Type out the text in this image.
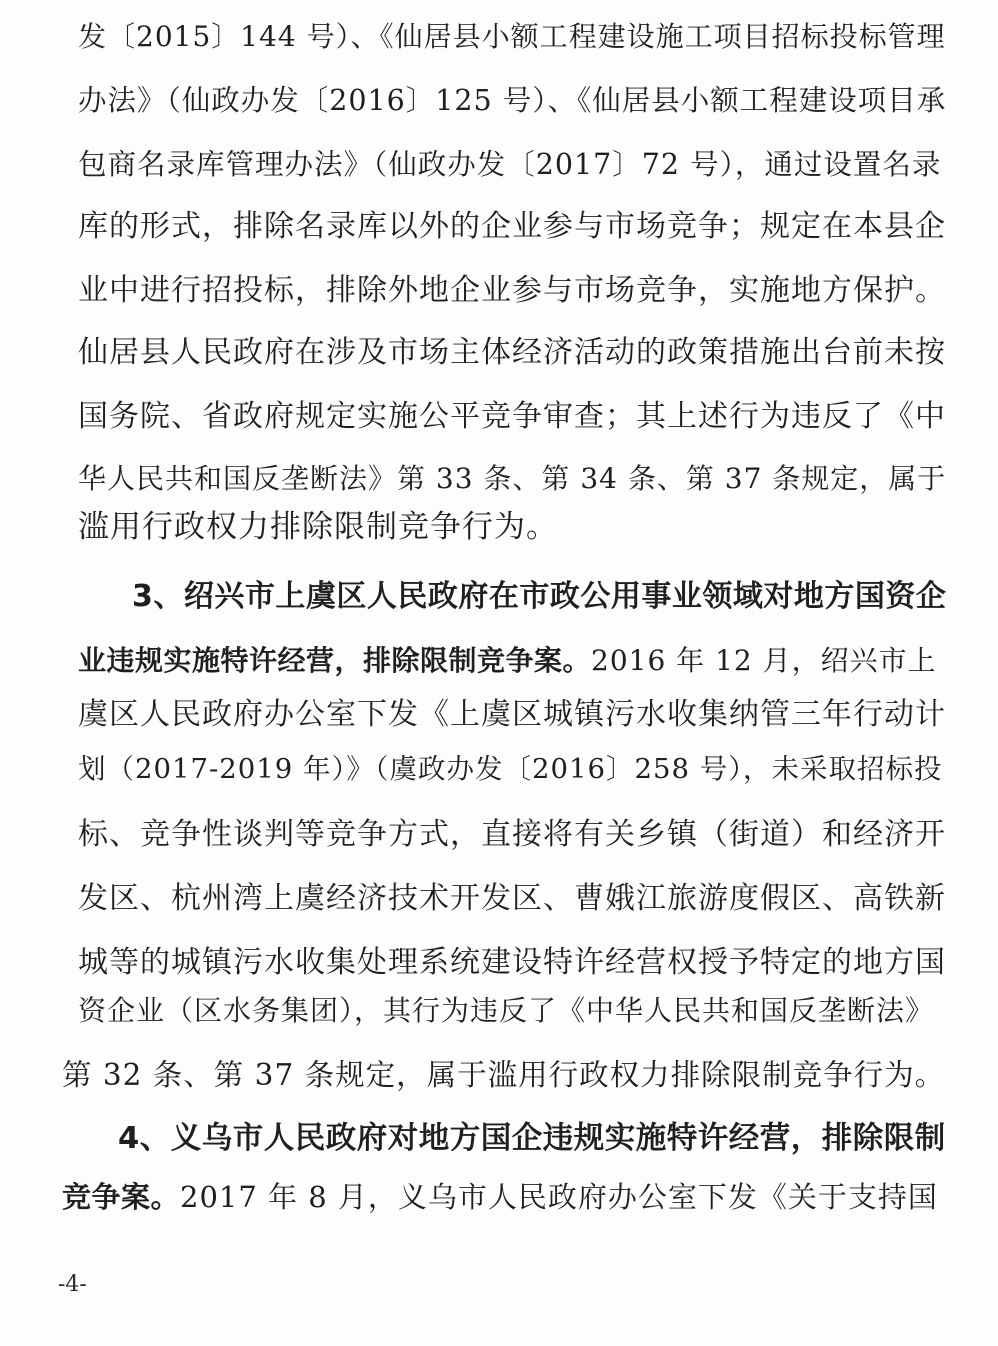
发〔2015〕144 号）、《仙居县小额工程建设施工项目招标投标管理
办法》（仙政办发〔2016〕125 号）、《仙居县小额工程建设项目承
包商名录库管理办法》（仙政办发〔2017〕72 号），通过设置名录
库的形式，排除名录库以外的企业参与市场竞争；规定在本县企
业中进行招投标，排除外地企业参与市场竞争，实施地方保护。
仙居县人民政府在涉及市场主体经济活动的政策措施出台前未按
国务院、省政府规定实施公平竞争审查；其上述行为违反了《中
华人民共和国反垄断法》第 33 条、第 34 条、第 37 条规定，属于
滥用行政权力排除限制竞争行为。
3、绍兴市上虞区人民政府在市政公用事业领域对地方国资企
业违规实施特许经营，排除限制竞争案。2016 年 12 月，绍兴市上
虞区人民政府办公室下发《上虞区城镇污水收集纳管三年行动计
划（2017-2019 年）》（虞政办发〔2016〕258 号），未采取招标投
标、竞争性谈判等竞争方式，直接将有关乡镇（街道）和经济开
发区、杭州湾上虞经济技术开发区、曹娥江旅游度假区、高铁新
城等的城镇污水收集处理系统建设特许经营权授予特定的地方国
资企业（区水务集团），其行为违反了《中华人民共和国反垄断法》
第 32 条、第 37 条规定，属于滥用行政权力排除限制竞争行为。
4、义乌市人民政府对地方国企违规实施特许经营，排除限制
竞争案。2017 年 8 月，义乌市人民政府办公室下发《关于支持国
-4-
